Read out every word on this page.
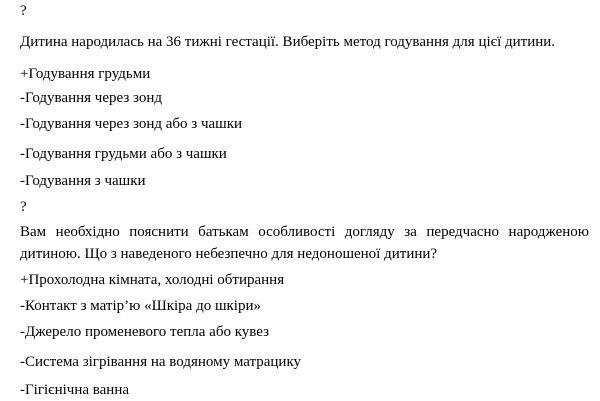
?
Дитина народилась на 36 тижні гестації. Виберіть метод годування для цієї дитини.
+Годування грудьми
-Годування через зонд
-Годування через зонд або з чашки
-Годування грудьми або з чашки
-Годування з чашки
?
Вам необхідно пояснити батькам особливості догляду за передчасно народженою дитиною. Що з наведеного небезпечно для недоношеної дитини?
+Прохолодна кімната, холодні обтирання
-Контакт з матір’ю «Шкіра до шкіри»
-Джерело променевого тепла або кувез
-Система зігрівання на водяному матрацику
-Гігієнічна ванна
